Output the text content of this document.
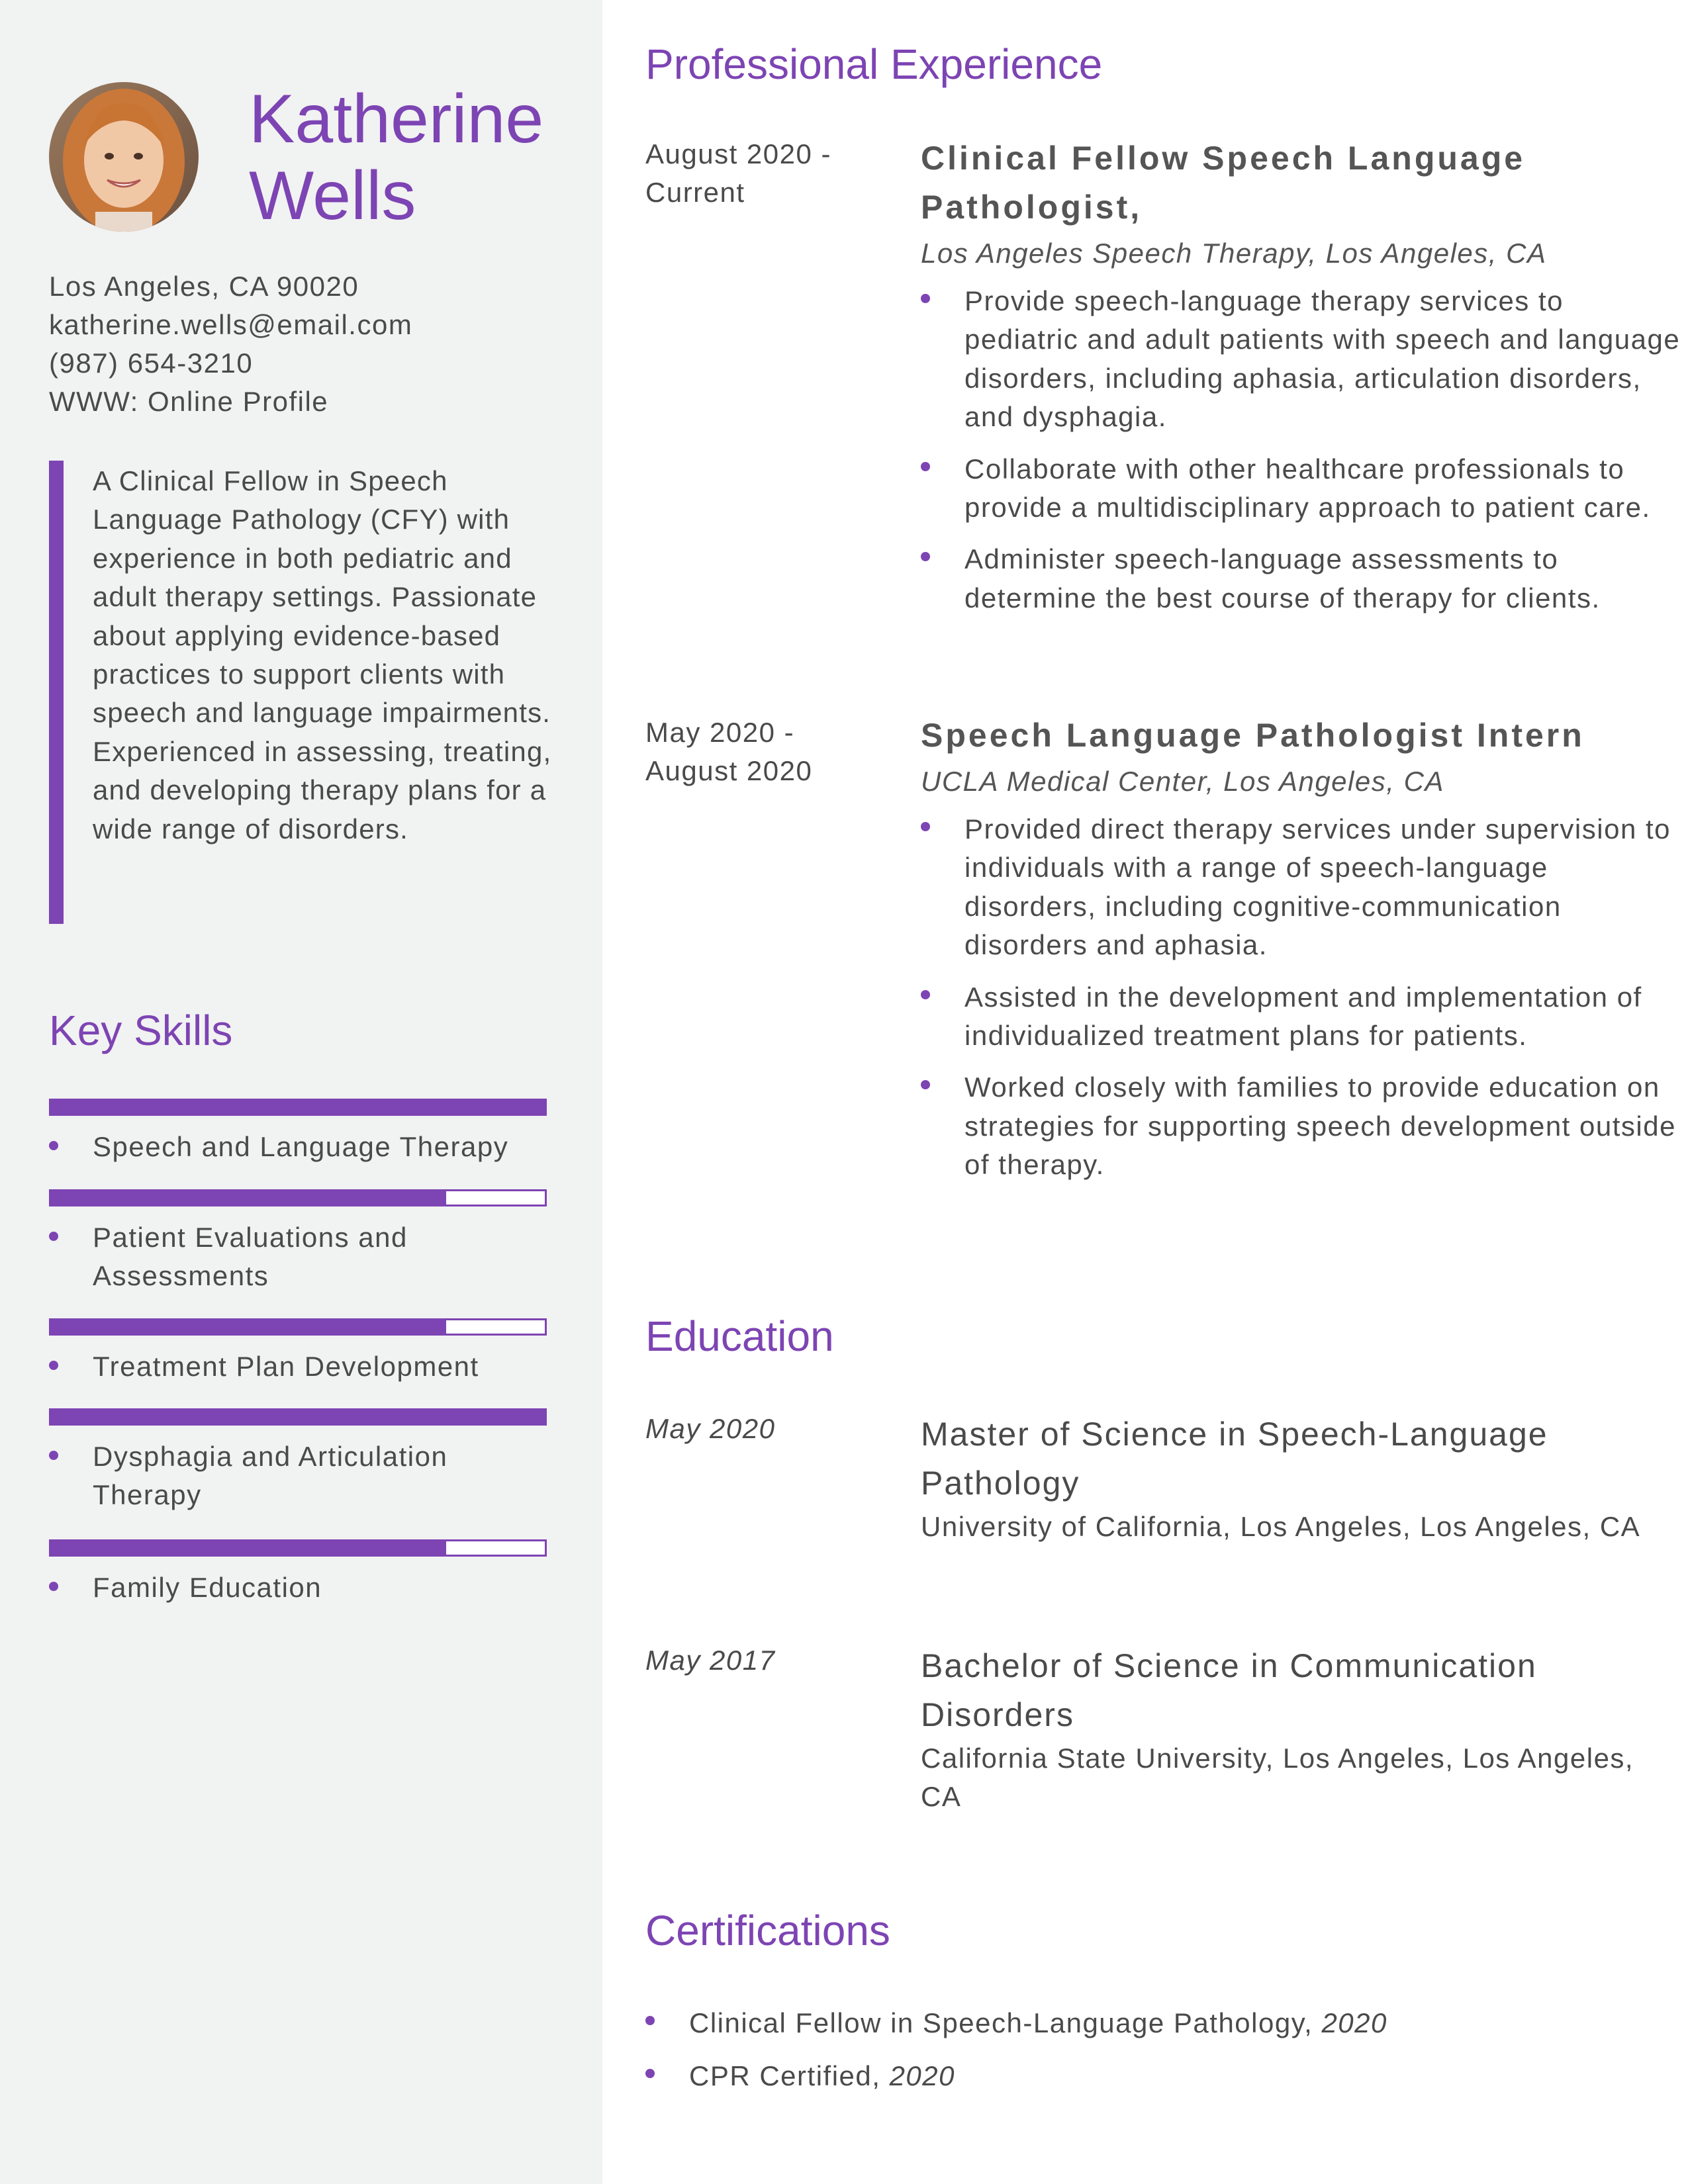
Katherine
Wells
Los Angeles, CA 90020
katherine.wells@email.com
(987) 654-3210
WWW: Online Profile

A Clinical Fellow in Speech Language Pathology (CFY) with experience in both pediatric and adult therapy settings. Passionate about applying evidence-based practices to support clients with speech and language impairments. Experienced in assessing, treating, and developing therapy plans for a wide range of disorders.

Key Skills
Speech and Language Therapy
Patient Evaluations and Assessments
Treatment Plan Development
Dysphagia and Articulation Therapy
Family Education
Professional Experience
August 2020 -
Current
Clinical Fellow Speech Language Pathologist,
Los Angeles Speech Therapy, Los Angeles, CA
Provide speech-language therapy services to pediatric and adult patients with speech and language disorders, including aphasia, articulation disorders, and dysphagia.
Collaborate with other healthcare professionals to provide a multidisciplinary approach to patient care.
Administer speech-language assessments to determine the best course of therapy for clients.
May 2020 -
August 2020
Speech Language Pathologist Intern
UCLA Medical Center, Los Angeles, CA
Provided direct therapy services under supervision to individuals with a range of speech-language disorders, including cognitive-communication disorders and aphasia.
Assisted in the development and implementation of individualized treatment plans for patients.
Worked closely with families to provide education on strategies for supporting speech development outside of therapy.
Education
May 2020	Master of Science in Speech-Language Pathology
University of California, Los Angeles, Los Angeles, CA
May 2017	Bachelor of Science in Communication Disorders
California State University, Los Angeles, Los Angeles, CA
Certifications
Clinical Fellow in Speech-Language Pathology, 2020
CPR Certified, 2020
